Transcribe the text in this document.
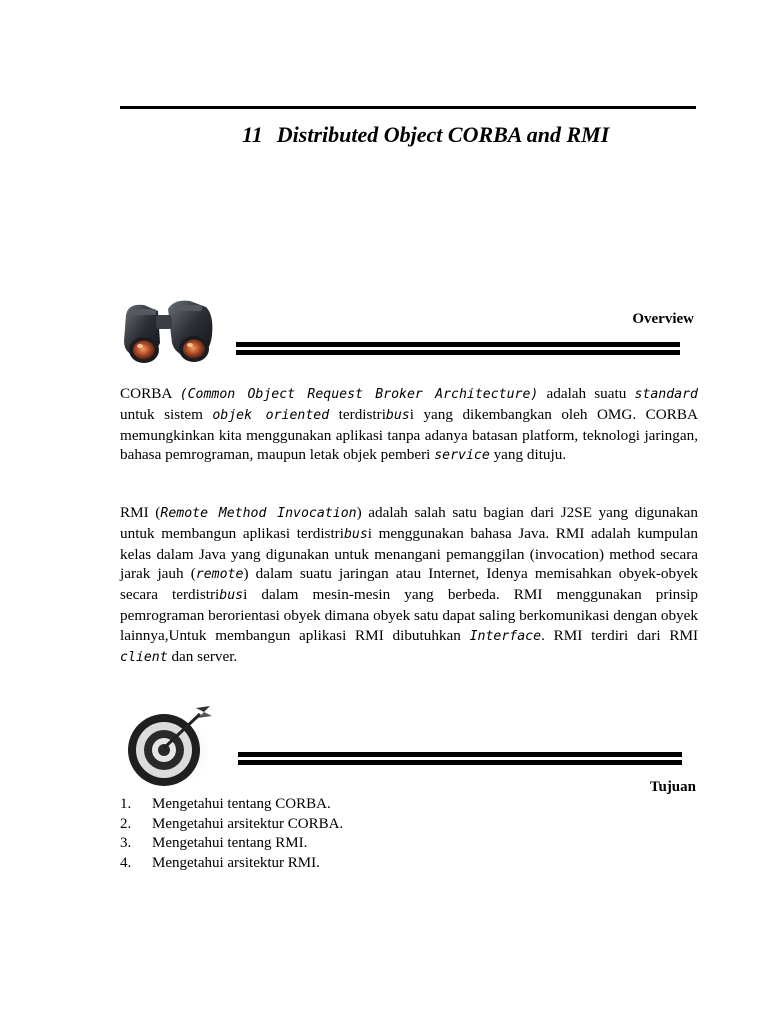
11 Distributed Object CORBA and RMI
Overview

CORBA (Common Object Request Broker Architecture) adalah suatu standard untuk sistem objek oriented terdistribusi yang dikembangkan oleh OMG. CORBA memungkinkan kita menggunakan aplikasi tanpa adanya batasan platform, teknologi jaringan, bahasa pemrograman, maupun letak objek pemberi service yang dituju.

RMI (Remote Method Invocation) adalah salah satu bagian dari J2SE yang digunakan untuk membangun aplikasi terdistribusi menggunakan bahasa Java. RMI adalah kumpulan kelas dalam Java yang digunakan untuk menangani pemanggilan (invocation) method secara jarak jauh (remote) dalam suatu jaringan atau Internet, Idenya memisahkan obyek-obyek secara terdistribusi dalam mesin-mesin yang berbeda. RMI menggunakan prinsip pemrograman berorientasi obyek dimana obyek satu dapat saling berkomunikasi dengan obyek lainnya,Untuk membangun aplikasi RMI dibutuhkan Interface. RMI terdiri dari RMI client dan server.

Tujuan
1.	Mengetahui tentang CORBA.
2.	Mengetahui arsitektur CORBA.
3.	Mengetahui tentang RMI.
4.	Mengetahui arsitektur RMI.
